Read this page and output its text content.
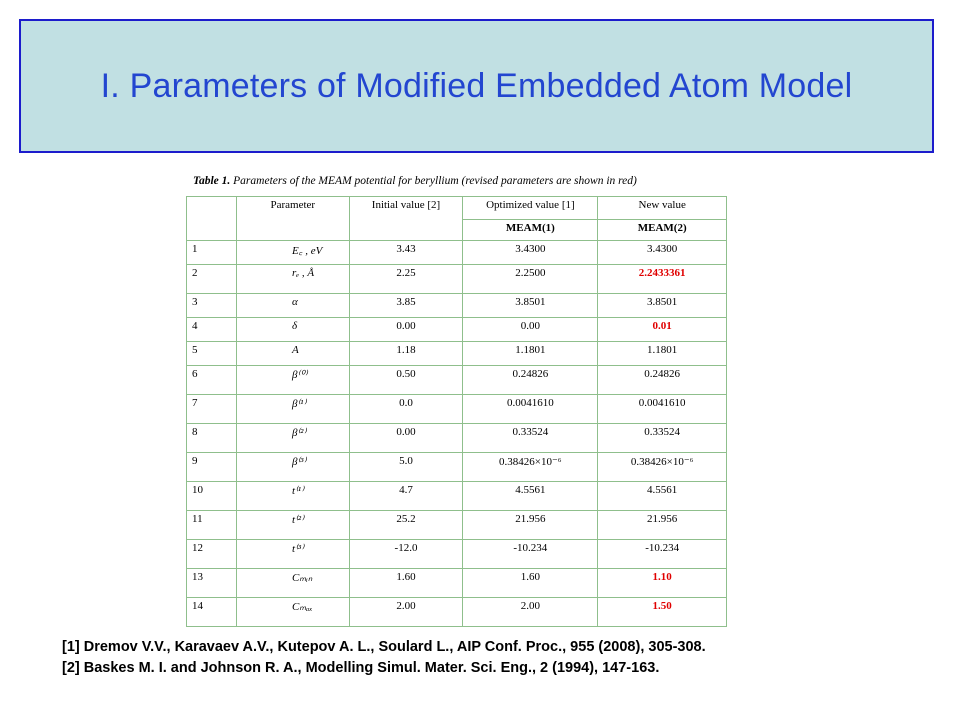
I. Parameters of Modified Embedded Atom Model
Table 1. Parameters of the MEAM potential for beryllium (revised parameters are shown in red)
	Parameter	Initial value [2]	Optimized value [1]	New value
			MEAM(1)	MEAM(2)
1	E꜀ , eV	3.43	3.4300	3.4300
2	rₑ , Å	2.25	2.2500	2.2433361
3	α	3.85	3.8501	3.8501
4	δ	0.00	0.00	0.01
5	A	1.18	1.1801	1.1801
6	β⁽⁰⁾	0.50	0.24826	0.24826
7	β⁽¹⁾	0.0	0.0041610	0.0041610
8	β⁽²⁾	0.00	0.33524	0.33524
9	β⁽³⁾	5.0	0.38426×10⁻⁶	0.38426×10⁻⁶
10	t⁽¹⁾	4.7	4.5561	4.5561
11	t⁽²⁾	25.2	21.956	21.956
12	t⁽³⁾	-12.0	-10.234	-10.234
13	Cₘᵢₙ	1.60	1.60	1.10
14	Cₘₐₓ	2.00	2.00	1.50
[1] Dremov V.V., Karavaev A.V., Kutepov A. L., Soulard L., AIP Conf. Proc., 955 (2008), 305-308.
[2] Baskes M. I. and Johnson R. A., Modelling Simul. Mater. Sci. Eng., 2 (1994), 147-163.
